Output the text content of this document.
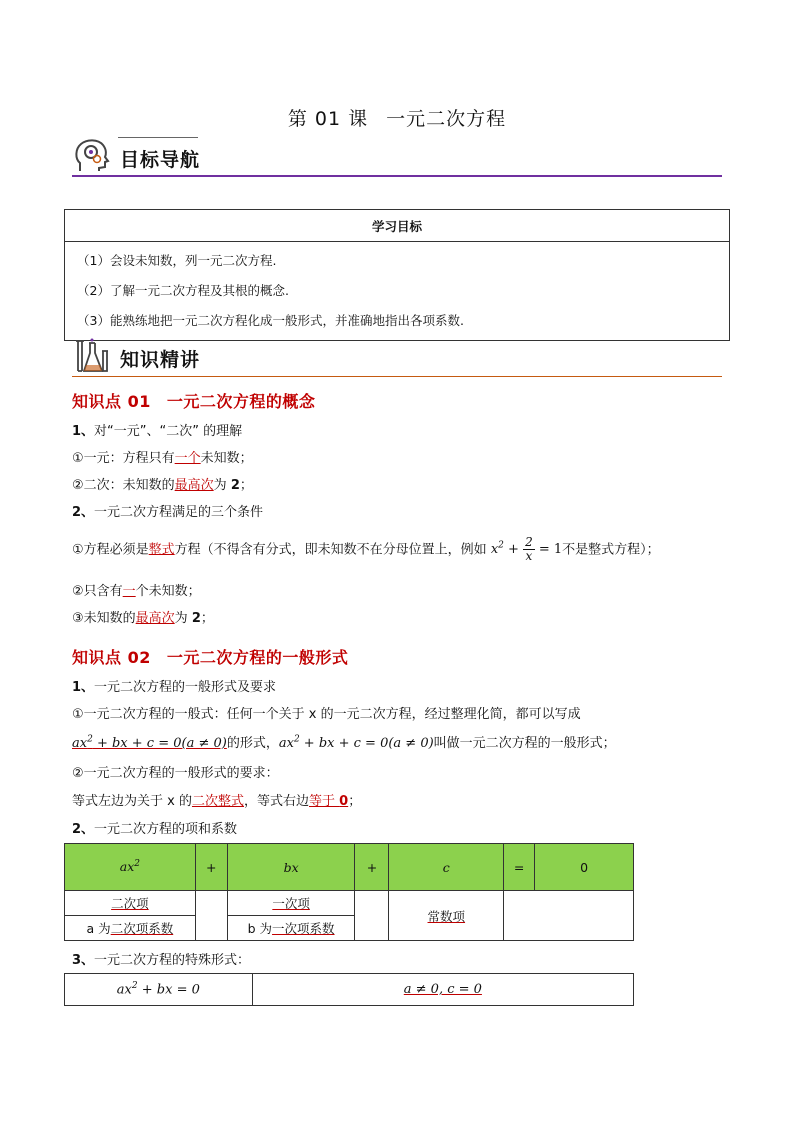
第 01 课 一元二次方程
目标导航
学习目标

（1）会设未知数，列一元二次方程.
（2）了解一元二次方程及其根的概念.
（3）能熟练地把一元二次方程化成一般形式，并准确地指出各项系数.
知识精讲
知识点 01 一元二次方程的概念
1、对“一元”、“二次” 的理解
①一元：方程只有一个未知数；
②二次：未知数的最高次为 2；
2、一元二次方程满足的三个条件
①方程必须是整式方程（不得含有分式，即未知数不在分母位置上，例如 $x^2 + \frac{2}{x} = 1$不是整式方程）；
②只含有一个未知数；
③未知数的最高次为 2；
知识点 02 一元二次方程的一般形式
1、一元二次方程的一般形式及要求
①一元二次方程的一般式：任何一个关于 x 的一元二次方程，经过整理化简，都可以写成
$ax^2$ + bx + c = 0(a ≠ 0)的形式，$ax^2$ + bx + c = 0(a ≠ 0)叫做一元二次方程的一般形式；
②一元二次方程的一般形式的要求：
等式左边为关于 x 的二次整式，等式右边等于 0；
2、一元二次方程的项和系数
$ax^2$	+	bx	+	c	=	0
二次项		一次项		常数项		
a 为二次项系数		b 为一次项系数				
3、一元二次方程的特殊形式：
$ax^2$ + bx = 0	a ≠ 0, c = 0
